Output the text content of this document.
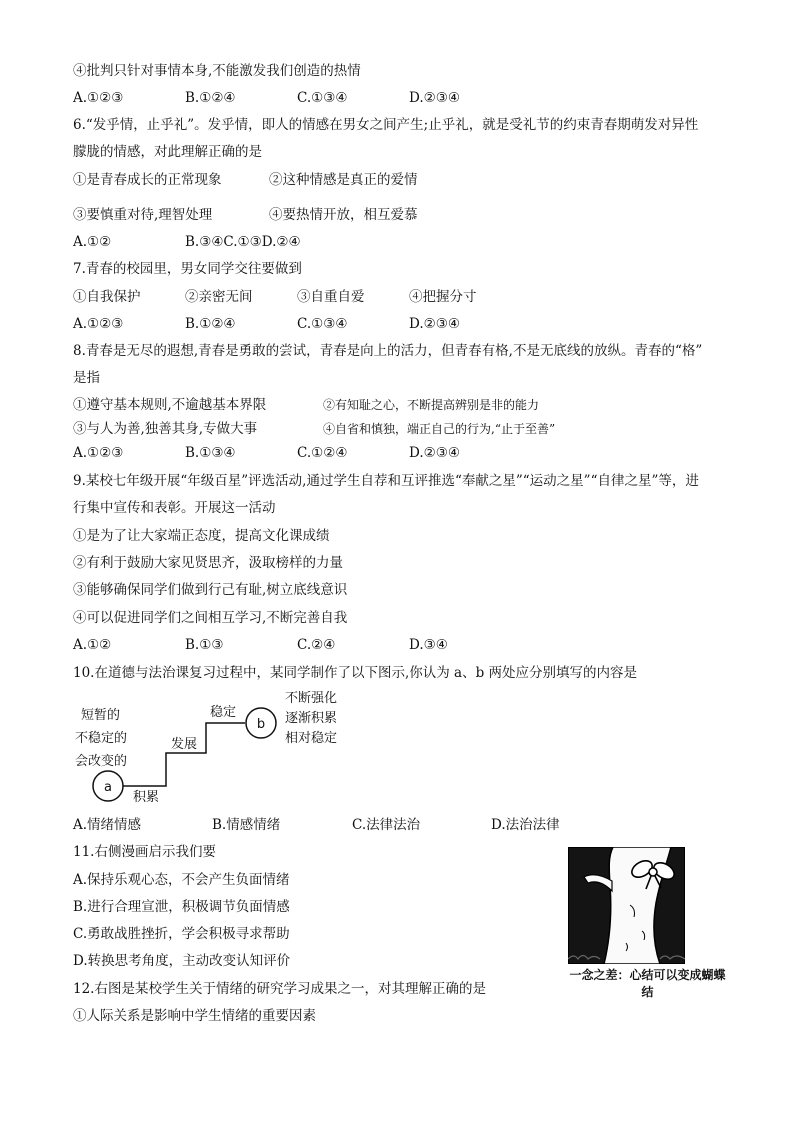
④批判只针对事情本身,不能激发我们创造的热情
A.①②③	B.①②④	C.①③④	D.②③④
6.“发乎情，止乎礼”。发乎情，即人的情感在男女之间产生;止乎礼，就是受礼节的约束青春期萌发对异性
朦胧的情感，对此理解正确的是
①是青春成长的正常现象	②这种情感是真正的爱情
③要慎重对待,理智处理	④要热情开放，相互爱慕
A.①②	B.③④C.①③D.②④
7.青春的校园里，男女同学交往要做到
①自我保护	②亲密无间	③自重自爱	④把握分寸
A.①②③	B.①②④	C.①③④	D.②③④
8.青春是无尽的遐想,青春是勇敢的尝试，青春是向上的活力，但青春有格,不是无底线的放纵。青春的“格”
是指
①遵守基本规则,不逾越基本界限	②有知耻之心，不断提高辨别是非的能力
③与人为善,独善其身,专做大事	④自省和慎独，端正自己的行为,“止于至善”
A.①②③	B.①③④	C.①②④	D.②③④
9.某校七年级开展“年级百星”评选活动,通过学生自荐和互评推选“奉献之星”“运动之星”“自律之星”等，进
行集中宣传和表彰。开展这一活动
①是为了让大家端正态度，提高文化课成绩
②有利于鼓励大家见贤思齐，汲取榜样的力量
③能够确保同学们做到行己有耻,树立底线意识
④可以促进同学们之间相互学习,不断完善自我
A.①②	B.①③	C.②④	D.③④
10.在道德与法治课复习过程中，某同学制作了以下图示,你认为 a、b 两处应分别填写的内容是
短暂的
不稳定的
会改变的
a
b
积累
发展
稳定
不断强化
逐渐积累
相对稳定
A.情绪情感	B.情感情绪	C.法律法治	D.法治法律
11.右侧漫画启示我们要
A.保持乐观心态，不会产生负面情绪
B.进行合理宣泄，积极调节负面情感
C.勇敢战胜挫折，学会积极寻求帮助
D.转换思考角度，主动改变认知评价
一念之差：心结可以变成蝴蝶结
12.右图是某校学生关于情绪的研究学习成果之一，对其理解正确的是
①人际关系是影响中学生情绪的重要因素
